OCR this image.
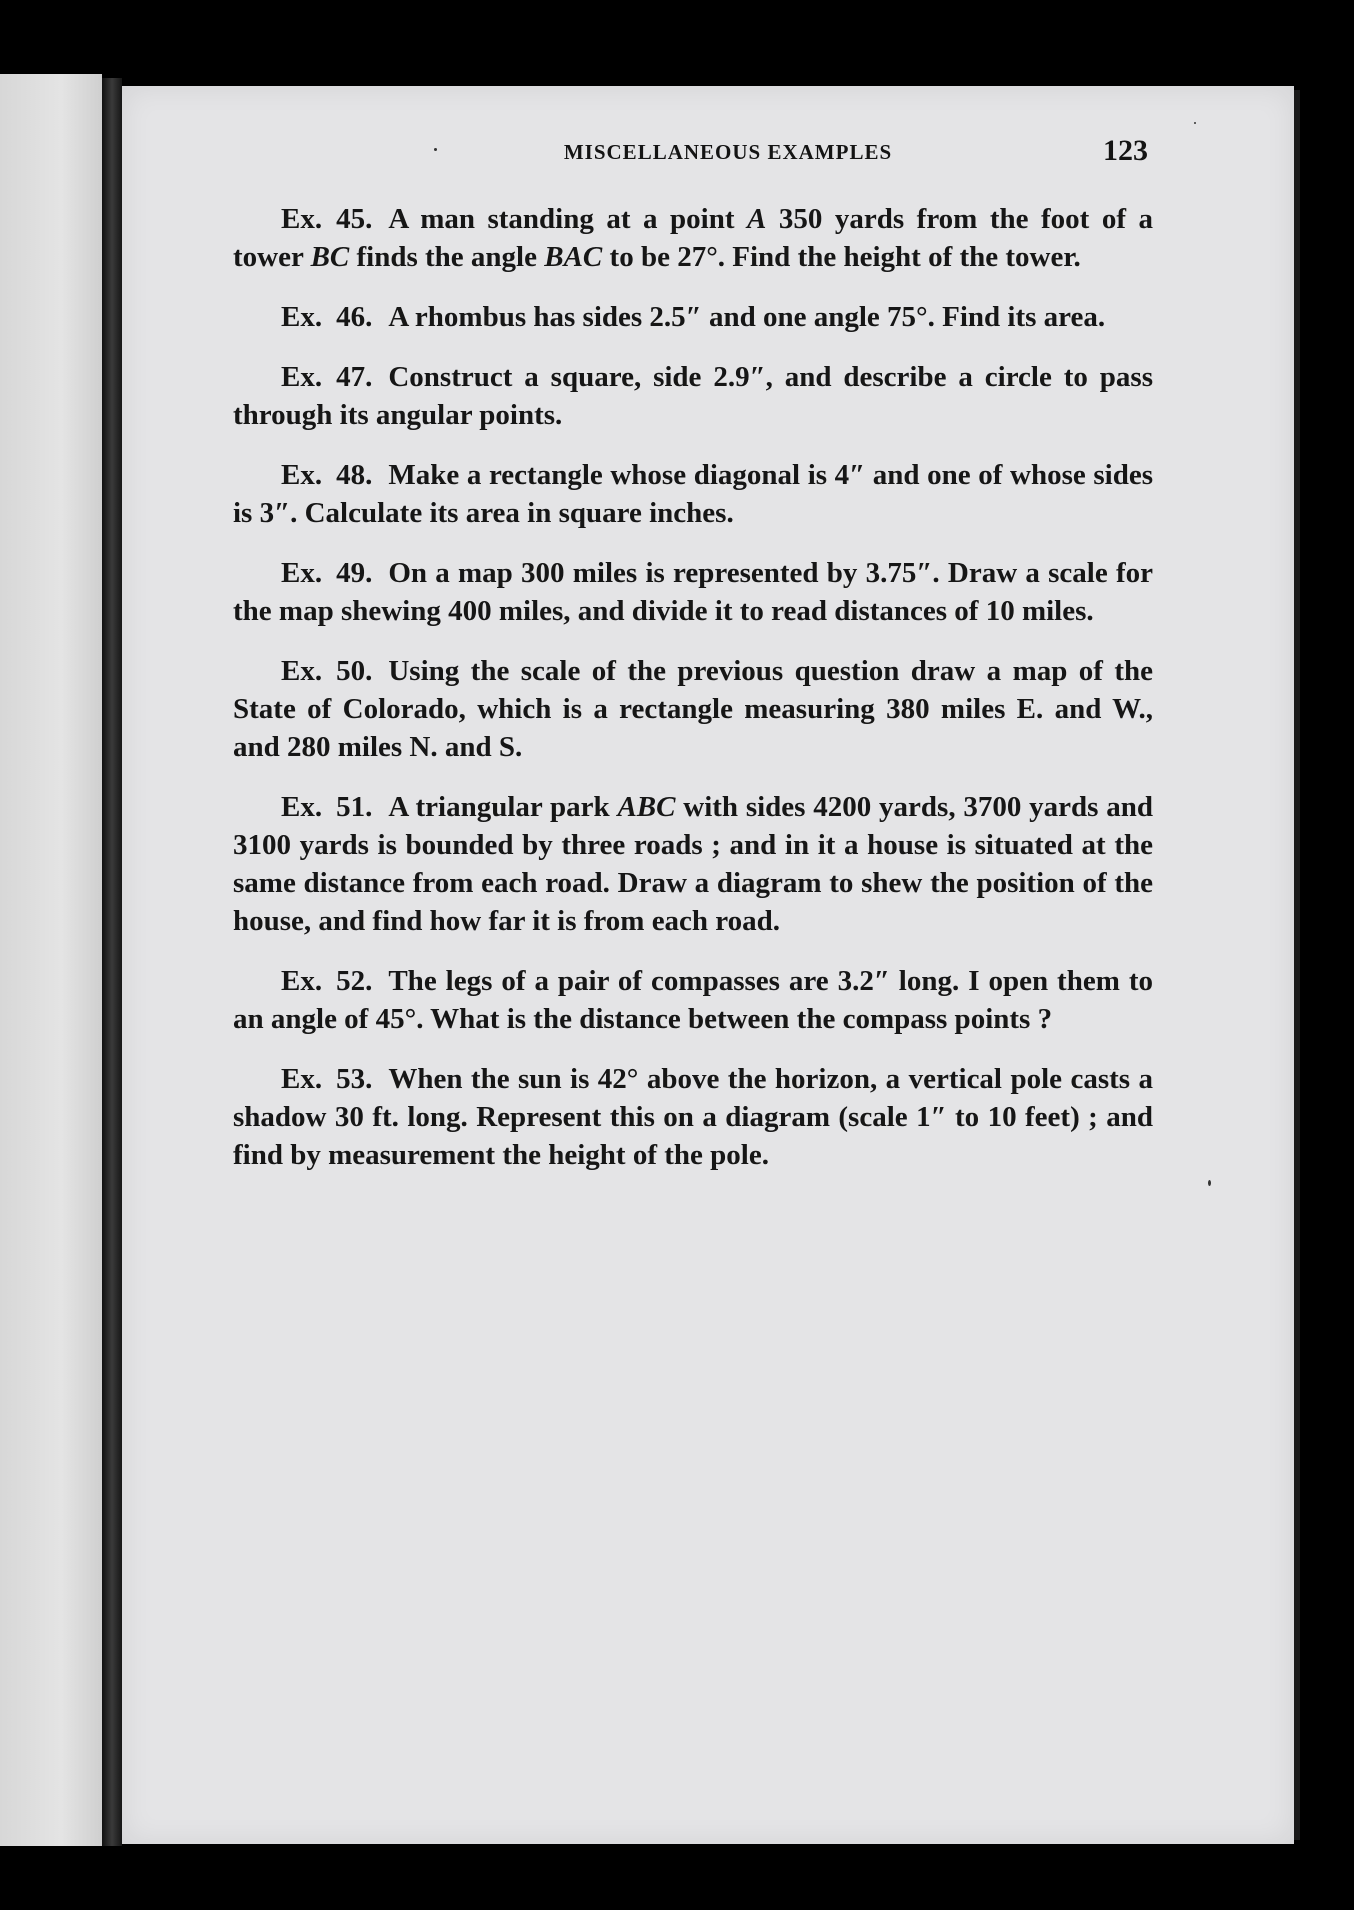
MISCELLANEOUS EXAMPLES	123

Ex. 45. A man standing at a point A 350 yards from the foot of a tower BC finds the angle BAC to be 27°. Find the height of the tower.

Ex. 46. A rhombus has sides 2.5″ and one angle 75°. Find its area.

Ex. 47. Construct a square, side 2.9″, and describe a circle to pass through its angular points.

Ex. 48. Make a rectangle whose diagonal is 4″ and one of whose sides is 3″. Calculate its area in square inches.

Ex. 49. On a map 300 miles is represented by 3.75″. Draw a scale for the map shewing 400 miles, and divide it to read distances of 10 miles.

Ex. 50. Using the scale of the previous question draw a map of the State of Colorado, which is a rectangle measuring 380 miles E. and W., and 280 miles N. and S.

Ex. 51. A triangular park ABC with sides 4200 yards, 3700 yards and 3100 yards is bounded by three roads ; and in it a house is situated at the same distance from each road. Draw a diagram to shew the position of the house, and find how far it is from each road.

Ex. 52. The legs of a pair of compasses are 3.2″ long. I open them to an angle of 45°. What is the distance between the compass points ?

Ex. 53. When the sun is 42° above the horizon, a vertical pole casts a shadow 30 ft. long. Represent this on a diagram (scale 1″ to 10 feet) ; and find by measurement the height of the pole.
